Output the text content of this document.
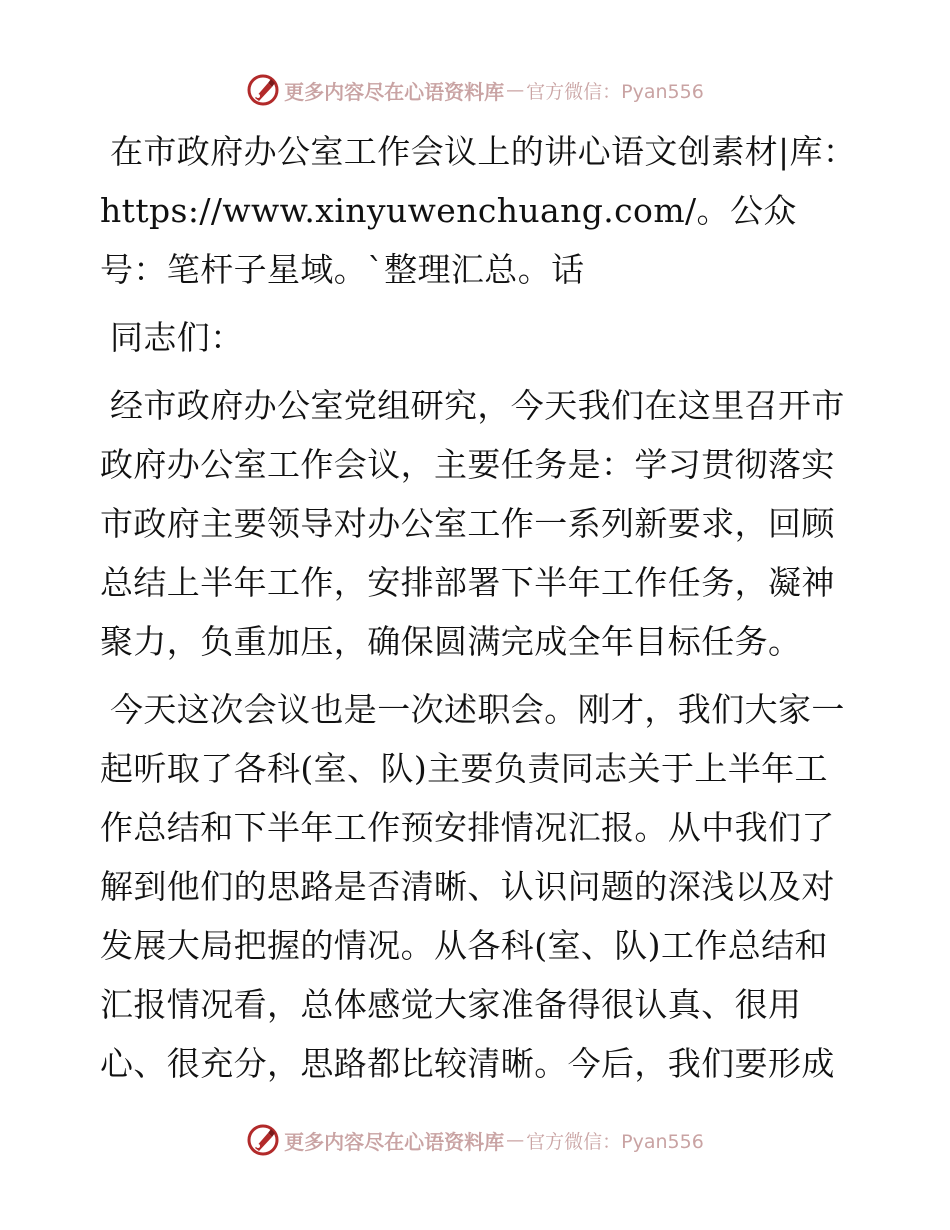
更多内容尽在心语资料库 — 官方微信：Pyan556

在市政府办公室工作会议上的讲心语文创素材|库：https://www.xinyuwenchuang.com/。公众号：笔杆子星域。`整理汇总。话

同志们：

经市政府办公室党组研究，今天我们在这里召开市政府办公室工作会议，主要任务是：学习贯彻落实市政府主要领导对办公室工作一系列新要求，回顾总结上半年工作，安排部署下半年工作任务，凝神聚力，负重加压，确保圆满完成全年目标任务。

今天这次会议也是一次述职会。刚才，我们大家一起听取了各科(室、队)主要负责同志关于上半年工作总结和下半年工作预安排情况汇报。从中我们了解到他们的思路是否清晰、认识问题的深浅以及对发展大局把握的情况。从各科(室、队)工作总结和汇报情况看，总体感觉大家准备得很认真、很用心、很充分，思路都比较清晰。今后，我们要形成

更多内容尽在心语资料库 — 官方微信：Pyan556
